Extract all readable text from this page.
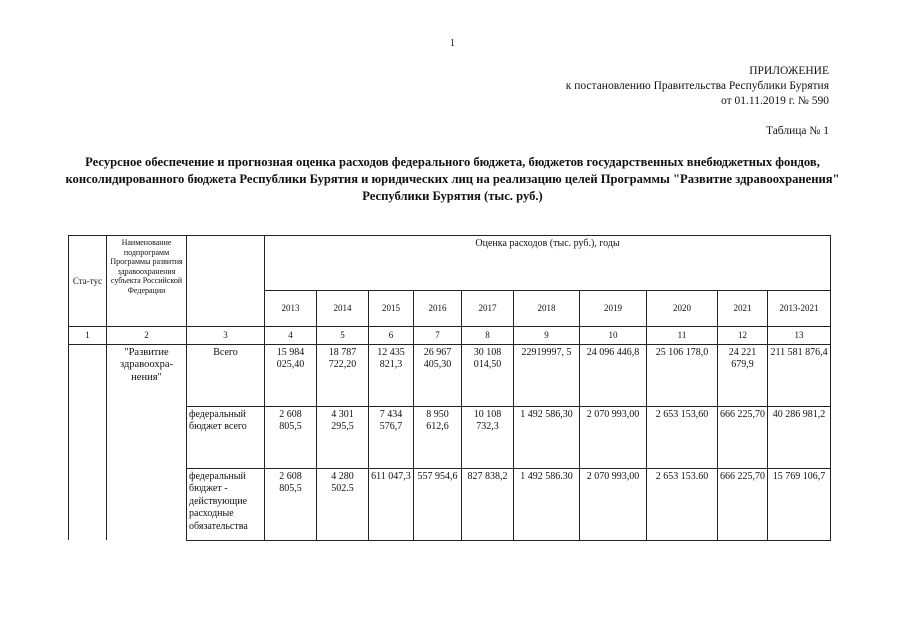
1
ПРИЛОЖЕНИЕ
к постановлению Правительства Республики Бурятия
от 01.11.2019 г. № 590
Таблица № 1
Ресурсное обеспечение и прогнозная оценка расходов федерального бюджета, бюджетов государственных внебюджетных фондов, консолидированного бюджета Республики Бурятия и юридических лиц на реализацию целей Программы "Развитие здравоохранения" Республики Бурятия (тыс. руб.)
Ста-тус	Наименование подпрограмм Программы развития здравоохранения субъекта Российской Федерации		Оценка расходов (тыс. руб.), годы									
			2013	2014	2015	2016	2017	2018	2019	2020	2021	2013-2021
1	2	3	4	5	6	7	8	9	10	11	12	13
	"Развитие здравоохра-нения"	Всего	15 984 025,40	18 787 722,20	12 435 821,3	26 967 405,30	30 108 014,50	22919997, 5	24 096 446,8	25 106 178,0	24 221 679,9	211 581 876,4
		федеральный бюджет всего	2 608 805,5	4 301 295,5	7 434 576,7	8 950 612,6	10 108 732,3	1 492 586,30	2 070 993,00	2 653 153,60	666 225,70	40 286 981,2
		федеральный бюджет - действующие расходные обязательства	2 608 805,5	4 280 502.5	611 047,3	557 954,6	827 838,2	1 492 586.30	2 070 993,00	2 653 153.60	666 225,70	15 769 106,7
